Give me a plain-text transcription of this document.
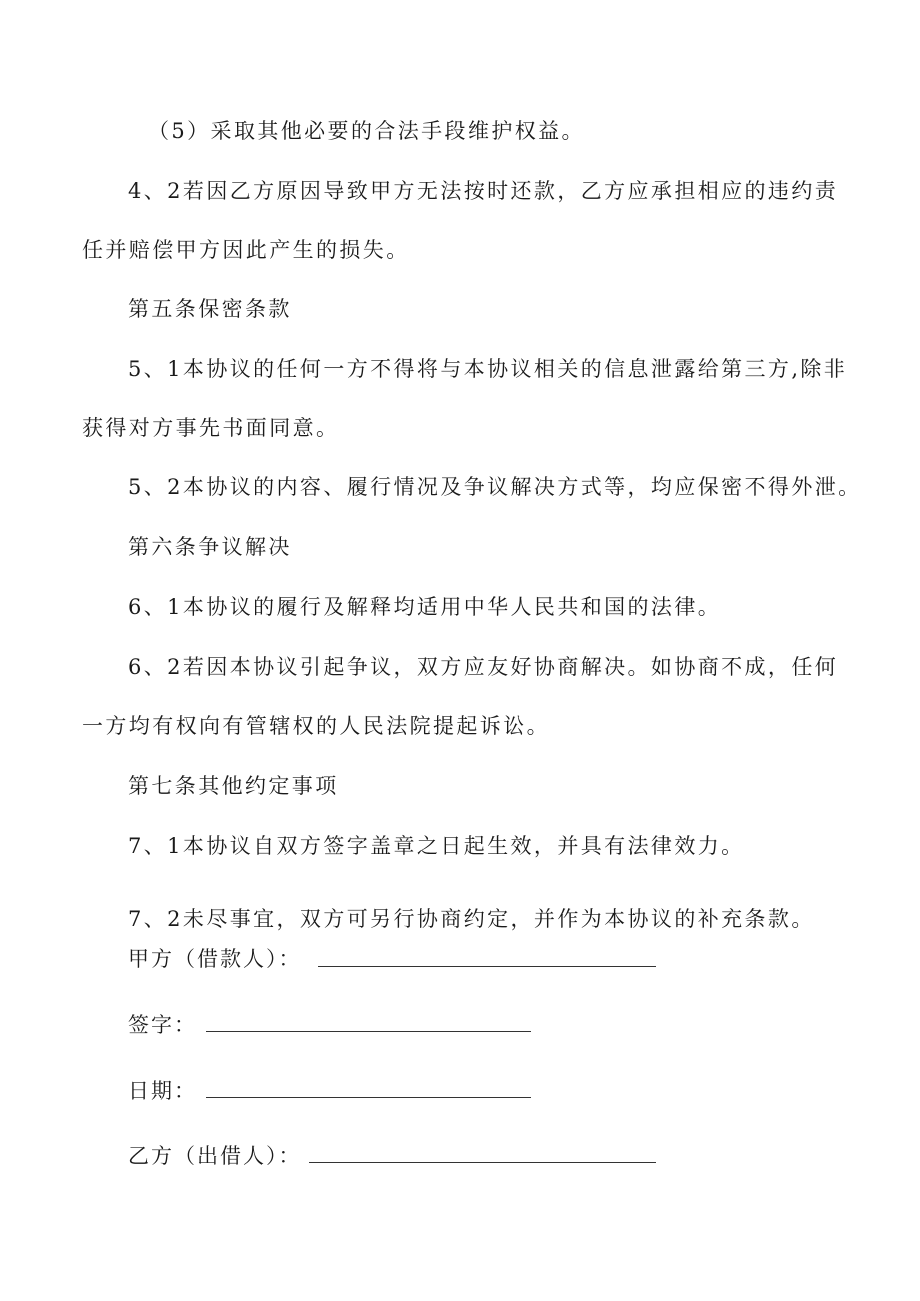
（5）采取其他必要的合法手段维护权益。

4、2若因乙方原因导致甲方无法按时还款，乙方应承担相应的违约责

任并赔偿甲方因此产生的损失。

第五条保密条款

5、1本协议的任何一方不得将与本协议相关的信息泄露给第三方,除非

获得对方事先书面同意。

5、2本协议的内容、履行情况及争议解决方式等，均应保密不得外泄。

第六条争议解决

6、1本协议的履行及解释均适用中华人民共和国的法律。

6、2若因本协议引起争议，双方应友好协商解决。如协商不成，任何

一方均有权向有管辖权的人民法院提起诉讼。

第七条其他约定事项

7、1本协议自双方签字盖章之日起生效，并具有法律效力。

7、2未尽事宜，双方可另行协商约定，并作为本协议的补充条款。

甲方（借款人）：

签字：

日期：

乙方（出借人）：
